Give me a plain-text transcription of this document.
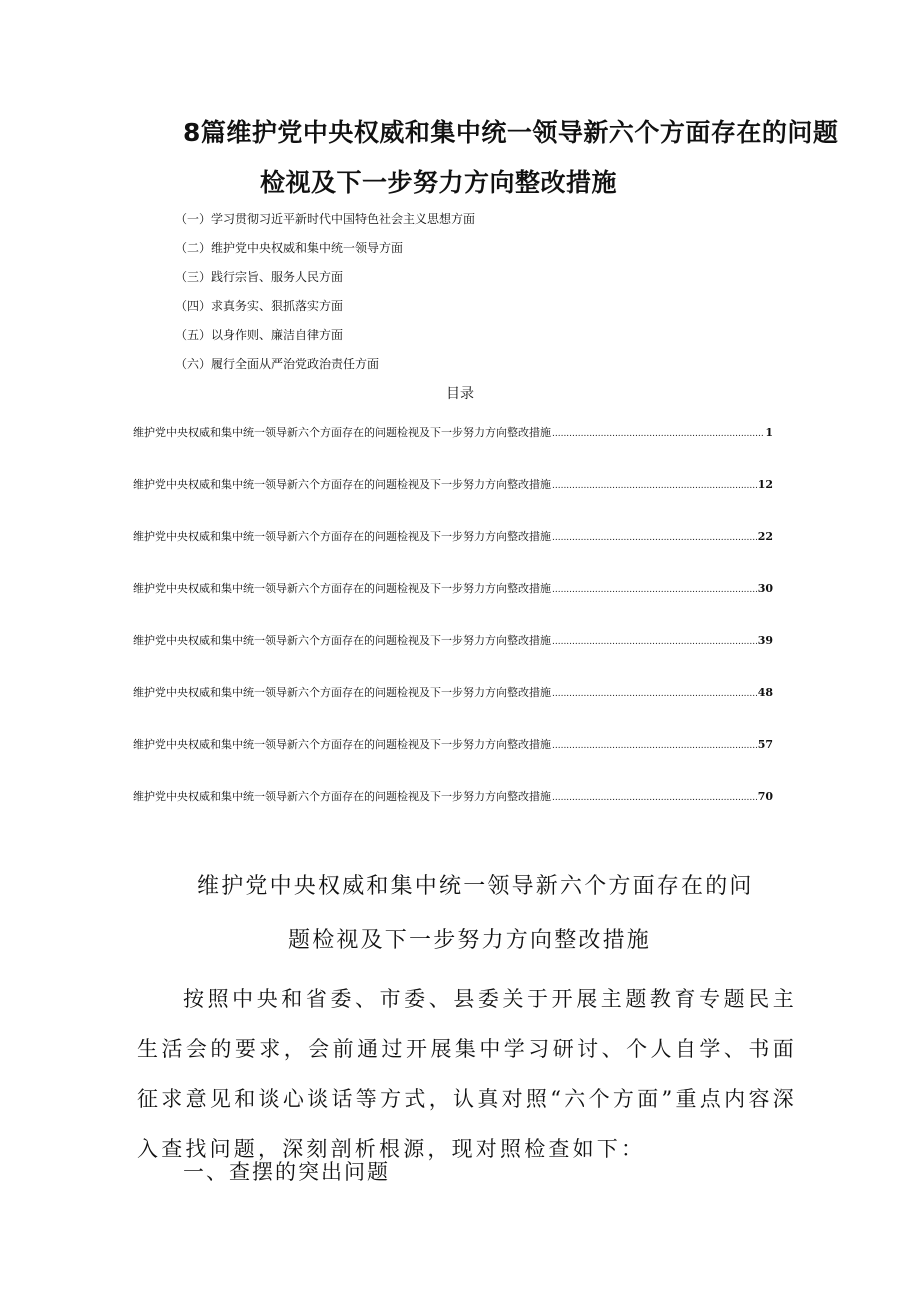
8篇维护党中央权威和集中统一领导新六个方面存在的问题
检视及下一步努力方向整改措施
（一）学习贯彻习近平新时代中国特色社会主义思想方面
（二）维护党中央权威和集中统一领导方面
（三）践行宗旨、服务人民方面
（四）求真务实、狠抓落实方面
（五）以身作则、廉洁自律方面
（六）履行全面从严治党政治责任方面
目录
维护党中央权威和集中统一领导新六个方面存在的问题检视及下一步努力方向整改措施 .....	1
维护党中央权威和集中统一领导新六个方面存在的问题检视及下一步努力方向整改措施 .....	12
维护党中央权威和集中统一领导新六个方面存在的问题检视及下一步努力方向整改措施 .....	22
维护党中央权威和集中统一领导新六个方面存在的问题检视及下一步努力方向整改措施 .....	30
维护党中央权威和集中统一领导新六个方面存在的问题检视及下一步努力方向整改措施 .....	39
维护党中央权威和集中统一领导新六个方面存在的问题检视及下一步努力方向整改措施 .....	48
维护党中央权威和集中统一领导新六个方面存在的问题检视及下一步努力方向整改措施 .....	57
维护党中央权威和集中统一领导新六个方面存在的问题检视及下一步努力方向整改措施 .....	70
维护党中央权威和集中统一领导新六个方面存在的问
题检视及下一步努力方向整改措施

按照中央和省委、市委、县委关于开展主题教育专题民主生活会的要求，会前通过开展集中学习研讨、个人自学、书面征求意见和谈心谈话等方式，认真对照“六个方面”重点内容深入查找问题，深刻剖析根源，现对照检查如下：

一、查摆的突出问题
